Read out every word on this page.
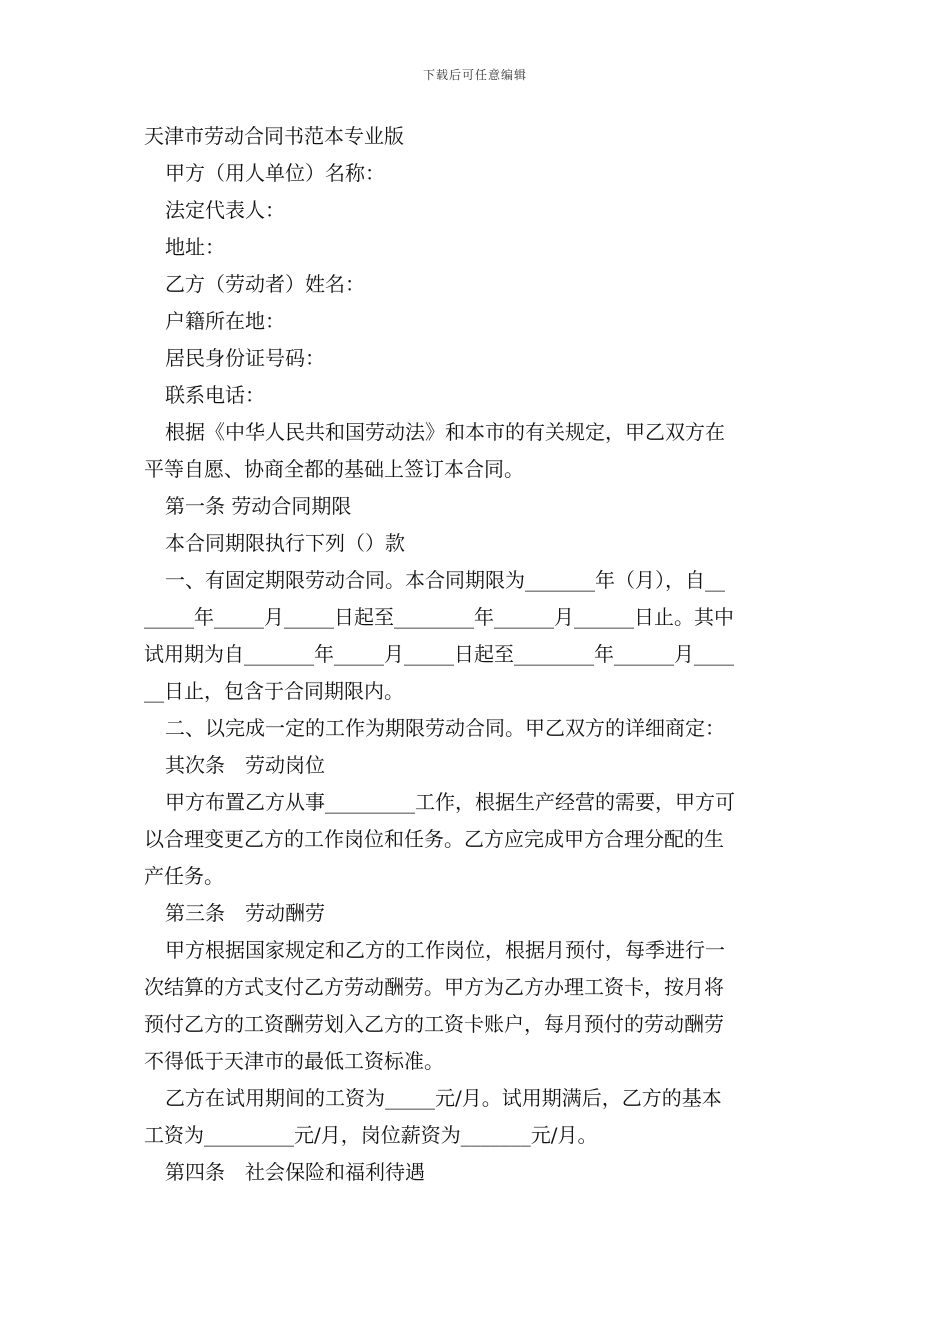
下载后可任意编辑
天津市劳动合同书范本专业版
甲方（用人单位）名称：
法定代表人：
地址：
乙方（劳动者）姓名：
户籍所在地：
居民身份证号码：
联系电话：
根据《中华人民共和国劳动法》和本市的有关规定，甲乙双方在
平等自愿、协商全都的基础上签订本合同。
第一条 劳动合同期限
本合同期限执行下列（）款
一、有固定期限劳动合同。本合同期限为_______年（月），自__
_____年_____月_____日起至________年______月______日止。其中
试用期为自_______年_____月_____日起至________年______月____
__日止，包含于合同期限内。
二、以完成一定的工作为期限劳动合同。甲乙双方的详细商定：
其次条　劳动岗位
甲方布置乙方从事_________工作，根据生产经营的需要，甲方可
以合理变更乙方的工作岗位和任务。乙方应完成甲方合理分配的生
产任务。
第三条　劳动酬劳
甲方根据国家规定和乙方的工作岗位，根据月预付，每季进行一
次结算的方式支付乙方劳动酬劳。甲方为乙方办理工资卡，按月将
预付乙方的工资酬劳划入乙方的工资卡账户，每月预付的劳动酬劳
不得低于天津市的最低工资标准。
乙方在试用期间的工资为_____元/月。试用期满后，乙方的基本
工资为_________元/月，岗位薪资为_______元/月。
第四条　社会保险和福利待遇
